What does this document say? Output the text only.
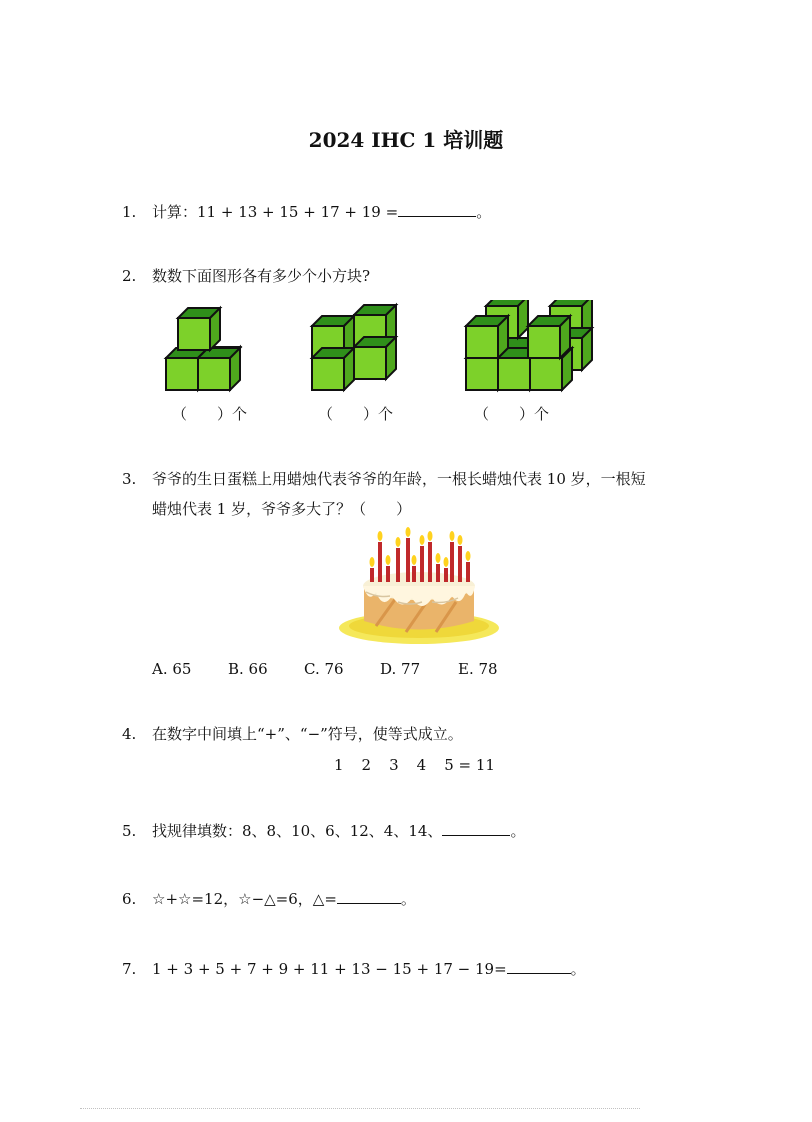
2024 IHC 1 培训题
1. 计算：11 + 13 + 15 + 17 + 19 =	。
2. 数数下面图形各有多少个小方块?
（　　）个	（　　）个	（　　）个
3. 爷爷的生日蛋糕上用蜡烛代表爷爷的年龄，一根长蜡烛代表 10 岁，一根短
蜡烛代表 1 岁，爷爷多大了？（　　）
A. 65 B. 66 C. 76 D. 77	E. 78
4. 在数字中间填上“+”、“−”符号，使等式成立。
1 2 3 4 5 = 11
5. 找规律填数：8、8、10、6、12、4、14、	。
6. ☆+☆=12，☆−△=6，△=	。
7. 1 + 3 + 5 + 7 + 9 + 11 + 13 − 15 + 17 − 19=	。
